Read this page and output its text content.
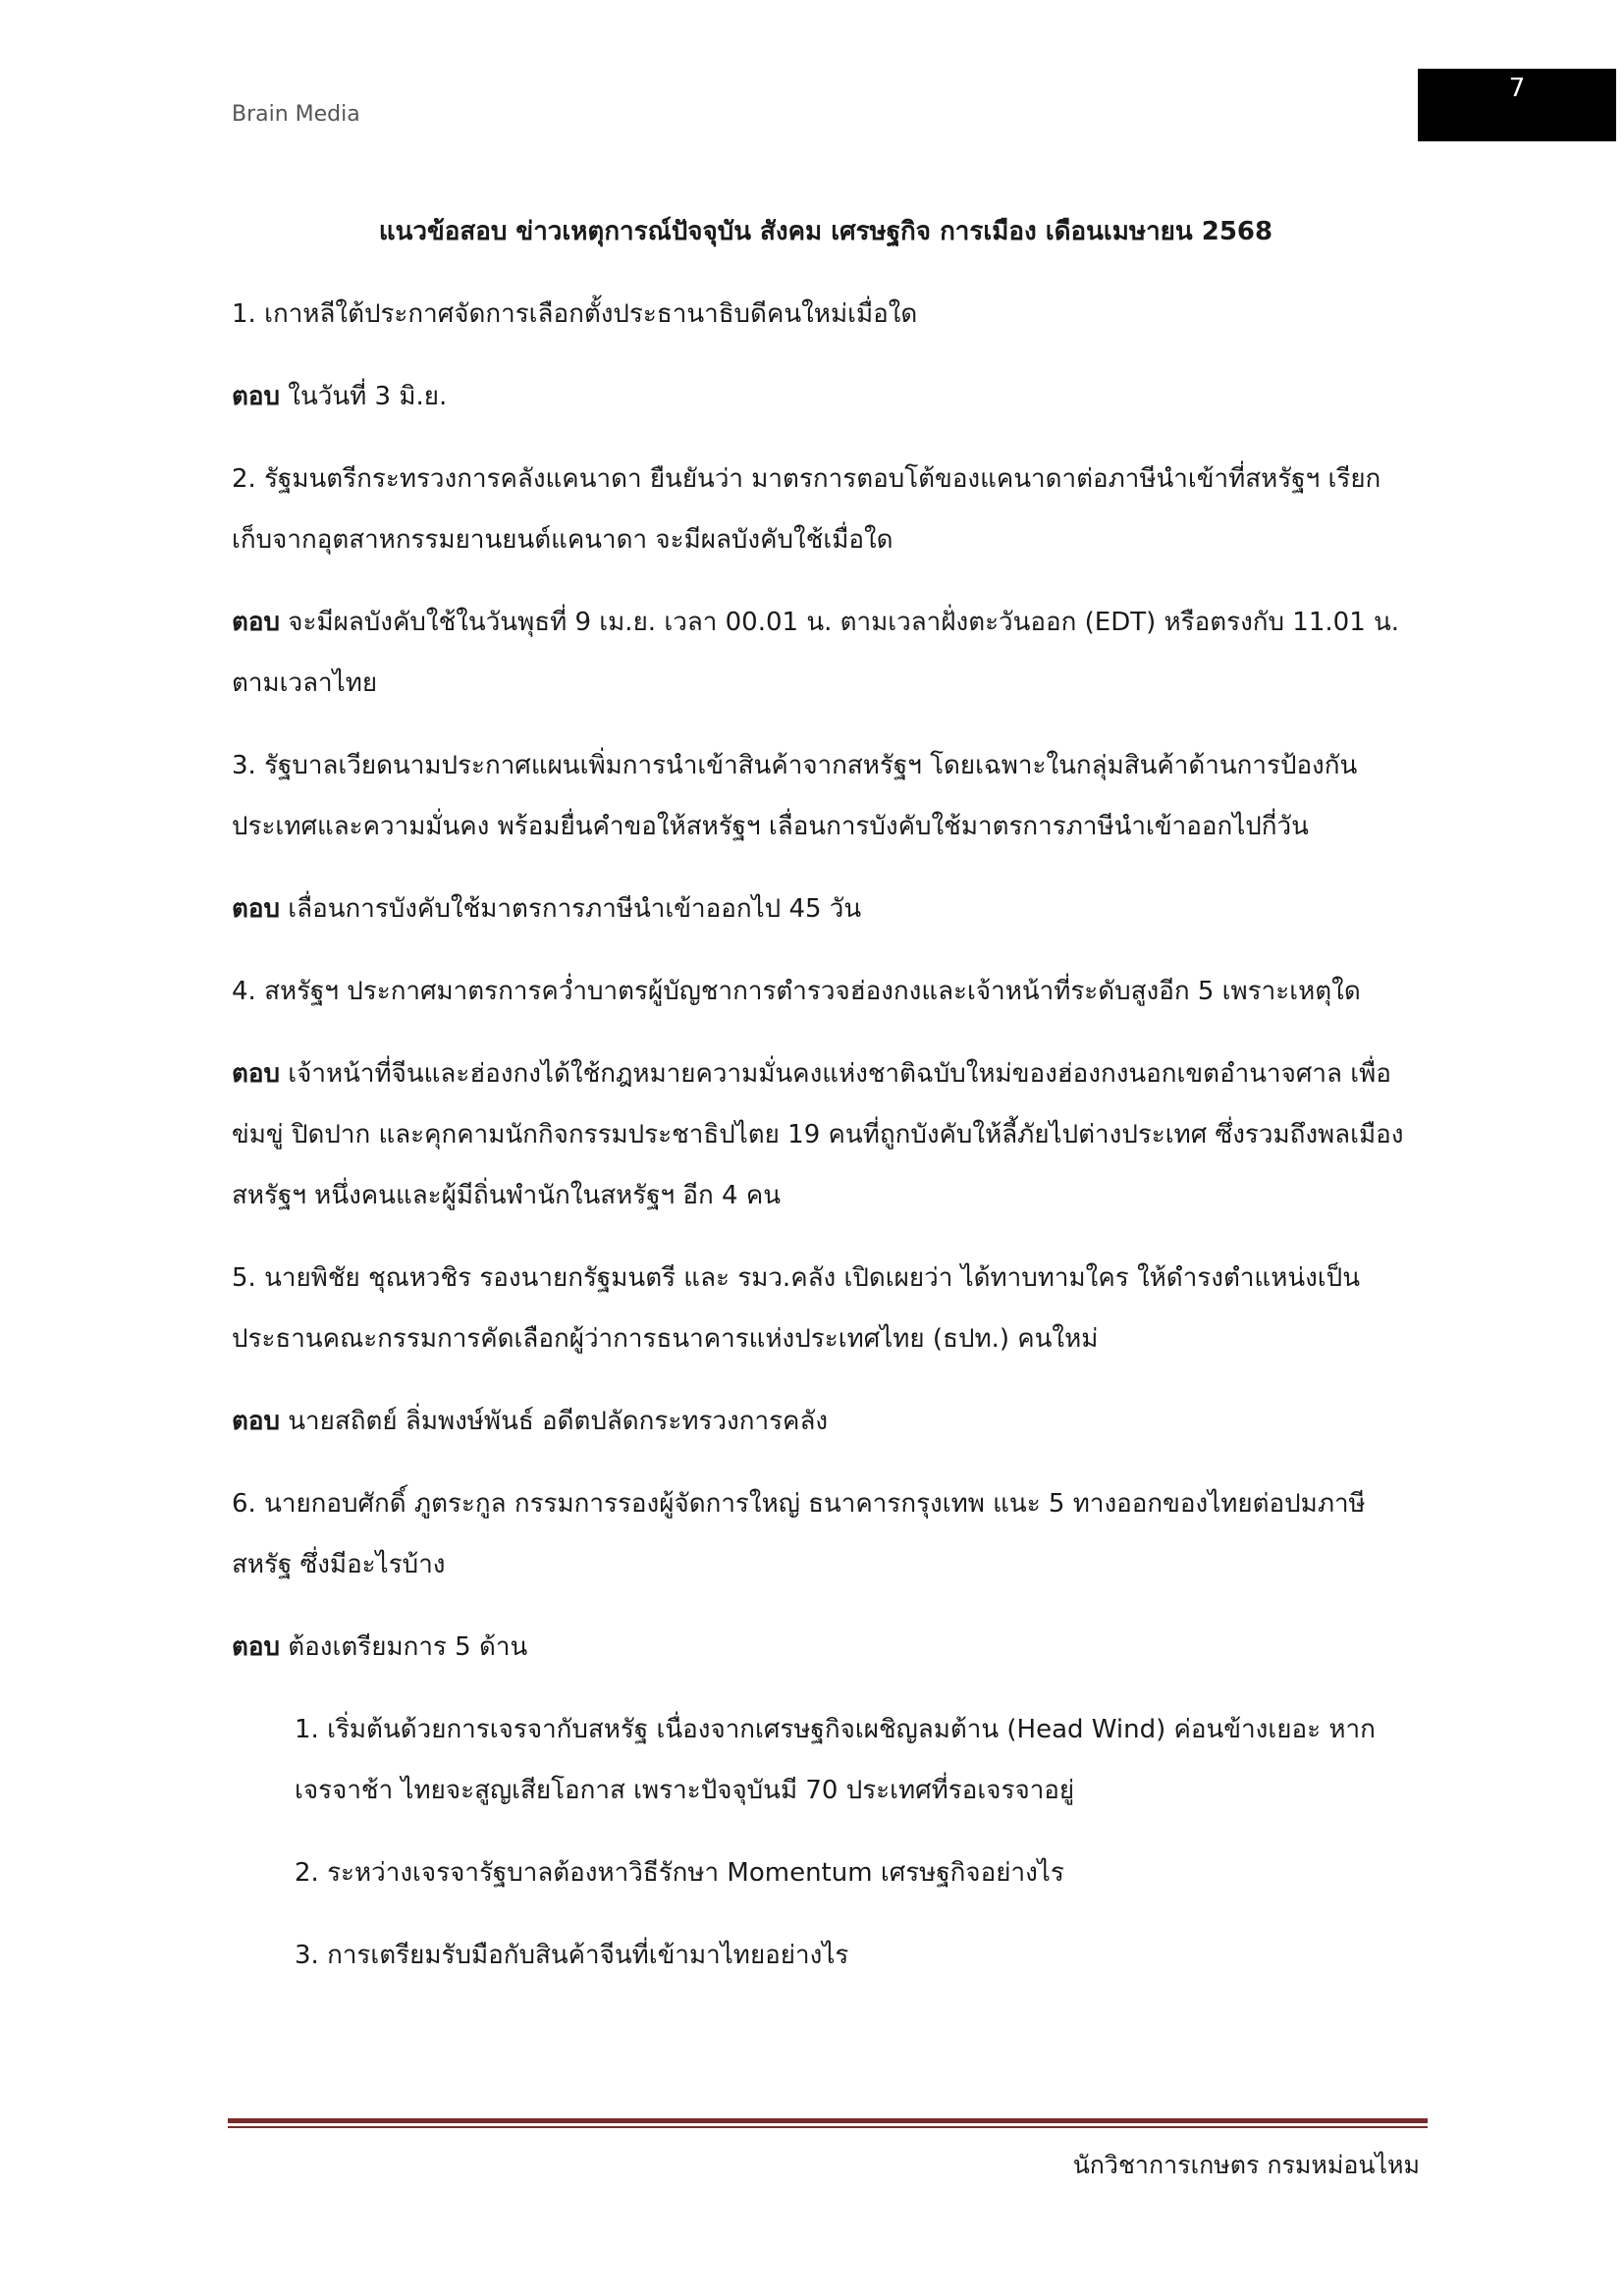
Brain Media
7
แนวข้อสอบ ข่าวเหตุการณ์ปัจจุบัน สังคม เศรษฐกิจ การเมือง เดือนเมษายน 2568
1. เกาหลีใต้ประกาศจัดการเลือกตั้งประธานาธิบดีคนใหม่เมื่อใด
ตอบ ในวันที่ 3 มิ.ย.
2. รัฐมนตรีกระทรวงการคลังแคนาดา ยืนยันว่า มาตรการตอบโต้ของแคนาดาต่อภาษีนำเข้าที่สหรัฐฯ เรียกเก็บจากอุตสาหกรรมยานยนต์แคนาดา จะมีผลบังคับใช้เมื่อใด
ตอบ จะมีผลบังคับใช้ในวันพุธที่ 9 เม.ย. เวลา 00.01 น. ตามเวลาฝั่งตะวันออก (EDT) หรือตรงกับ 11.01 น. ตามเวลาไทย
3. รัฐบาลเวียดนามประกาศแผนเพิ่มการนำเข้าสินค้าจากสหรัฐฯ โดยเฉพาะในกลุ่มสินค้าด้านการป้องกันประเทศและความมั่นคง พร้อมยื่นคำขอให้สหรัฐฯ เลื่อนการบังคับใช้มาตรการภาษีนำเข้าออกไปกี่วัน
ตอบ เลื่อนการบังคับใช้มาตรการภาษีนำเข้าออกไป 45 วัน
4. สหรัฐฯ ประกาศมาตรการคว่ำบาตรผู้บัญชาการตำรวจฮ่องกงและเจ้าหน้าที่ระดับสูงอีก 5 เพราะเหตุใด
ตอบ เจ้าหน้าที่จีนและฮ่องกงได้ใช้กฎหมายความมั่นคงแห่งชาติฉบับใหม่ของฮ่องกงนอกเขตอำนาจศาล เพื่อข่มขู่ ปิดปาก และคุกคามนักกิจกรรมประชาธิปไตย 19 คนที่ถูกบังคับให้ลี้ภัยไปต่างประเทศ ซึ่งรวมถึงพลเมืองสหรัฐฯ หนึ่งคนและผู้มีถิ่นพำนักในสหรัฐฯ อีก 4 คน
5. นายพิชัย ชุณหวชิร รองนายกรัฐมนตรี และ รมว.คลัง เปิดเผยว่า ได้ทาบทามใคร ให้ดำรงตำแหน่งเป็นประธานคณะกรรมการคัดเลือกผู้ว่าการธนาคารแห่งประเทศไทย (ธปท.) คนใหม่
ตอบ นายสถิตย์ ลิ่มพงษ์พันธ์ อดีตปลัดกระทรวงการคลัง
6. นายกอบศักดิ์ ภูตระกูล กรรมการรองผู้จัดการใหญ่ ธนาคารกรุงเทพ แนะ 5 ทางออกของไทยต่อปมภาษีสหรัฐ ซึ่งมีอะไรบ้าง
ตอบ ต้องเตรียมการ 5 ด้าน
1. เริ่มต้นด้วยการเจรจากับสหรัฐ เนื่องจากเศรษฐกิจเผชิญลมต้าน (Head Wind) ค่อนข้างเยอะ หากเจรจาช้า ไทยจะสูญเสียโอกาส เพราะปัจจุบันมี 70 ประเทศที่รอเจรจาอยู่
2. ระหว่างเจรจารัฐบาลต้องหาวิธีรักษา Momentum เศรษฐกิจอย่างไร
3. การเตรียมรับมือกับสินค้าจีนที่เข้ามาไทยอย่างไร
นักวิชาการเกษตร กรมหม่อนไหม
